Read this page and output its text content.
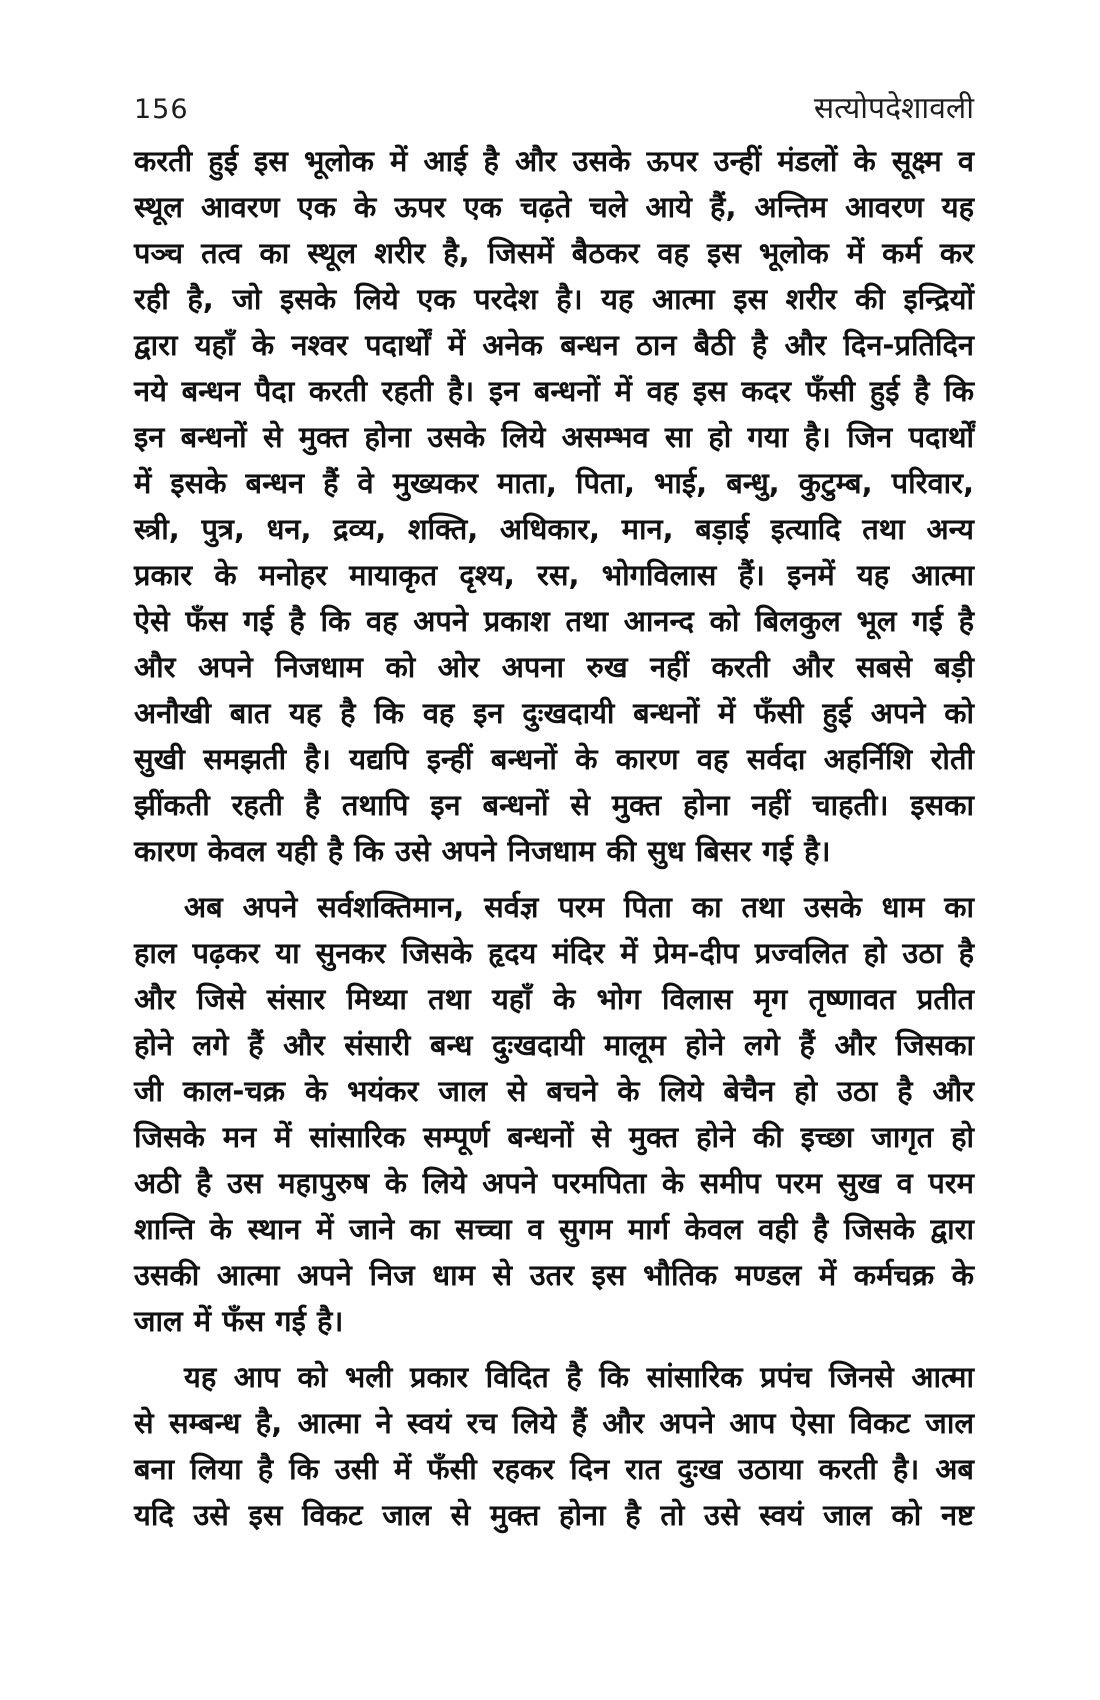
156	सत्योपदेशावली
करती हुई इस भूलोक में आई है और उसके ऊपर उन्हीं मंडलों के सूक्ष्म व
स्थूल आवरण एक के ऊपर एक चढ़ते चले आये हैं, अन्तिम आवरण यह
पञ्च तत्व का स्थूल शरीर है, जिसमें बैठकर वह इस भूलोक में कर्म कर
रही है, जो इसके लिये एक परदेश है। यह आत्मा इस शरीर की इन्द्रियों
द्वारा यहाँ के नश्वर पदार्थों में अनेक बन्धन ठान बैठी है और दिन-प्रतिदिन
नये बन्धन पैदा करती रहती है। इन बन्धनों में वह इस कदर फँसी हुई है कि
इन बन्धनों से मुक्त होना उसके लिये असम्भव सा हो गया है। जिन पदार्थों
में इसके बन्धन हैं वे मुख्यकर माता, पिता, भाई, बन्धु, कुटुम्ब, परिवार,
स्त्री, पुत्र, धन, द्रव्य, शक्ति, अधिकार, मान, बड़ाई इत्यादि तथा अन्य
प्रकार के मनोहर मायाकृत दृश्य, रस, भोगविलास हैं। इनमें यह आत्मा
ऐसे फँस गई है कि वह अपने प्रकाश तथा आनन्द को बिलकुल भूल गई है
और अपने निजधाम को ओर अपना रुख नहीं करती और सबसे बड़ी
अनौखी बात यह है कि वह इन दुःखदायी बन्धनों में फँसी हुई अपने को
सुखी समझती है। यद्यपि इन्हीं बन्धनों के कारण वह सर्वदा अहर्निशि रोती
झींकती रहती है तथापि इन बन्धनों से मुक्त होना नहीं चाहती। इसका
कारण केवल यही है कि उसे अपने निजधाम की सुध बिसर गई है।
अब अपने सर्वशक्तिमान, सर्वज्ञ परम पिता का तथा उसके धाम का
हाल पढ़कर या सुनकर जिसके हृदय मंदिर में प्रेम-दीप प्रज्वलित हो उठा है
और जिसे संसार मिथ्या तथा यहाँ के भोग विलास मृग तृष्णावत प्रतीत
होने लगे हैं और संसारी बन्ध दुःखदायी मालूम होने लगे हैं और जिसका
जी काल-चक्र के भयंकर जाल से बचने के लिये बेचैन हो उठा है और
जिसके मन में सांसारिक सम्पूर्ण बन्धनों से मुक्त होने की इच्छा जागृत हो
अठी है उस महापुरुष के लिये अपने परमपिता के समीप परम सुख व परम
शान्ति के स्थान में जाने का सच्चा व सुगम मार्ग केवल वही है जिसके द्वारा
उसकी आत्मा अपने निज धाम से उतर इस भौतिक मण्डल में कर्मचक्र के
जाल में फँस गई है।
यह आप को भली प्रकार विदित है कि सांसारिक प्रपंच जिनसे आत्मा
से सम्बन्ध है, आत्मा ने स्वयं रच लिये हैं और अपने आप ऐसा विकट जाल
बना लिया है कि उसी में फँसी रहकर दिन रात दुःख उठाया करती है। अब
यदि उसे इस विकट जाल से मुक्त होना है तो उसे स्वयं जाल को नष्ट
